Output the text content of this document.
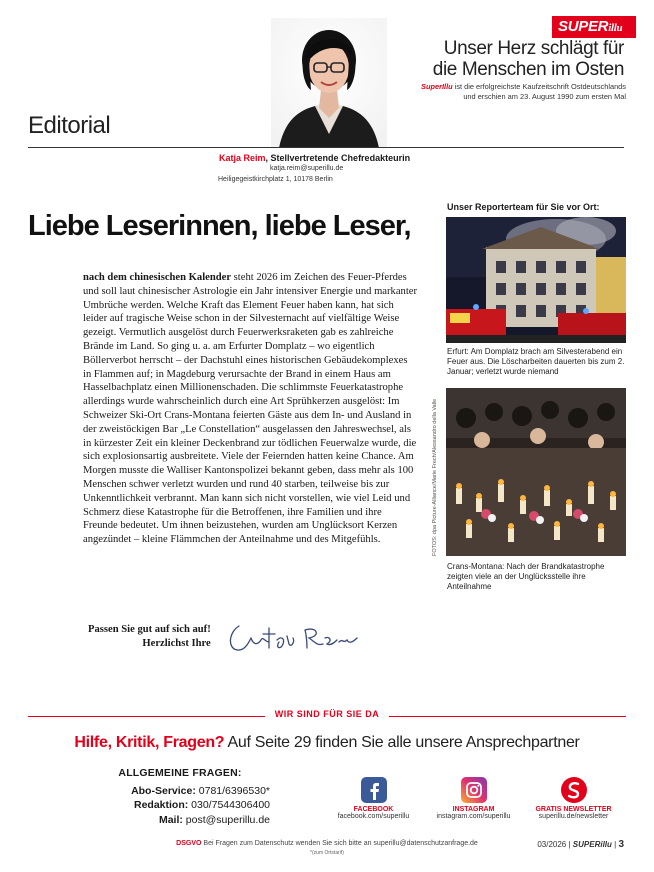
SUPERillu
Unser Herz schlägt für
die Menschen im Osten
SuperIllu ist die erfolgreichste Kaufzeitschrift Ostdeutschlands
und erschien am 23. August 1990 zum ersten Mal
Editorial
Katja Reim, Stellvertretende Chefredakteurin
katja.reim@superillu.de
Heiligegeistkirchplatz 1, 10178 Berlin
Liebe Leserinnen, liebe Leser,
nach dem chinesischen Kalender steht 2026 im Zeichen des Feuer-Pferdes und soll laut chinesischer Astrologie ein Jahr intensiver Energie und markanter Umbrüche werden. Welche Kraft das Element Feuer haben kann, hat sich leider auf tragische Weise schon in der Silvesternacht auf vielfältige Weise gezeigt. Vermutlich ausgelöst durch Feuerwerksraketen gab es zahlreiche Brände im Land. So ging u. a. am Erfurter Domplatz – wo eigentlich Böllerverbot herrscht – der Dachstuhl eines historischen Gebäudekomplexes in Flammen auf; in Magdeburg verursachte der Brand in einem Haus am Hasselbachplatz einen Millionenschaden. Die schlimmste Feuerkatastrophe allerdings wurde wahrscheinlich durch eine Art Sprühkerzen ausgelöst: Im Schweizer Ski-Ort Crans-Montana feierten Gäste aus dem In- und Ausland in der zweistöckigen Bar „Le Constellation“ ausgelassen den Jahreswechsel, als in kürzester Zeit ein kleiner Deckenbrand zur tödlichen Feuerwalze wurde, die sich explosionsartig ausbreitete. Viele der Feiernden hatten keine Chance. Am Morgen musste die Walliser Kantonspolizei bekannt geben, dass mehr als 100 Menschen schwer verletzt wurden und rund 40 starben, teilweise bis zur Unkenntlichkeit verbrannt. Man kann sich nicht vorstellen, wie viel Leid und Schmerz diese Katastrophe für die Betroffenen, ihre Familien und ihre Freunde bedeutet. Um ihnen beizustehen, wurden am Unglücksort Kerzen angezündet – kleine Flämmchen der Anteilnahme und des Mitgefühls.
Passen Sie gut auf sich auf!
Herzlichst Ihre
Unser Reporterteam für Sie vor Ort:
Erfurt: Am Domplatz brach am Silvesterabend ein Feuer aus. Die Löscharbeiten dauerten bis zum 2. Januar; verletzt wurde niemand
FOTOS: dpa Picture-Alliance/Marie Frech/Alessandro della Valle
Crans-Montana: Nach der Brandkatastrophe zeigten viele an der Unglücksstelle ihre Anteilnahme
WIR SIND FÜR SIE DA
Hilfe, Kritik, Fragen? Auf Seite 29 finden Sie alle unsere Ansprechpartner
ALLGEMEINE FRAGEN:
Abo-Service: 0781/6396530*
Redaktion: 030/7544306400
Mail: post@superillu.de
FACEBOOK
facebook.com/superillu
INSTAGRAM
instagram.com/superillu
GRATIS NEWSLETTER
superillu.de/newsletter
DSGVO Bei Fragen zum Datenschutz wenden Sie sich bitte an superillu@datenschutzanfrage.de
*(zum Ortstarif)
03/2026 | SUPERillu | 3
